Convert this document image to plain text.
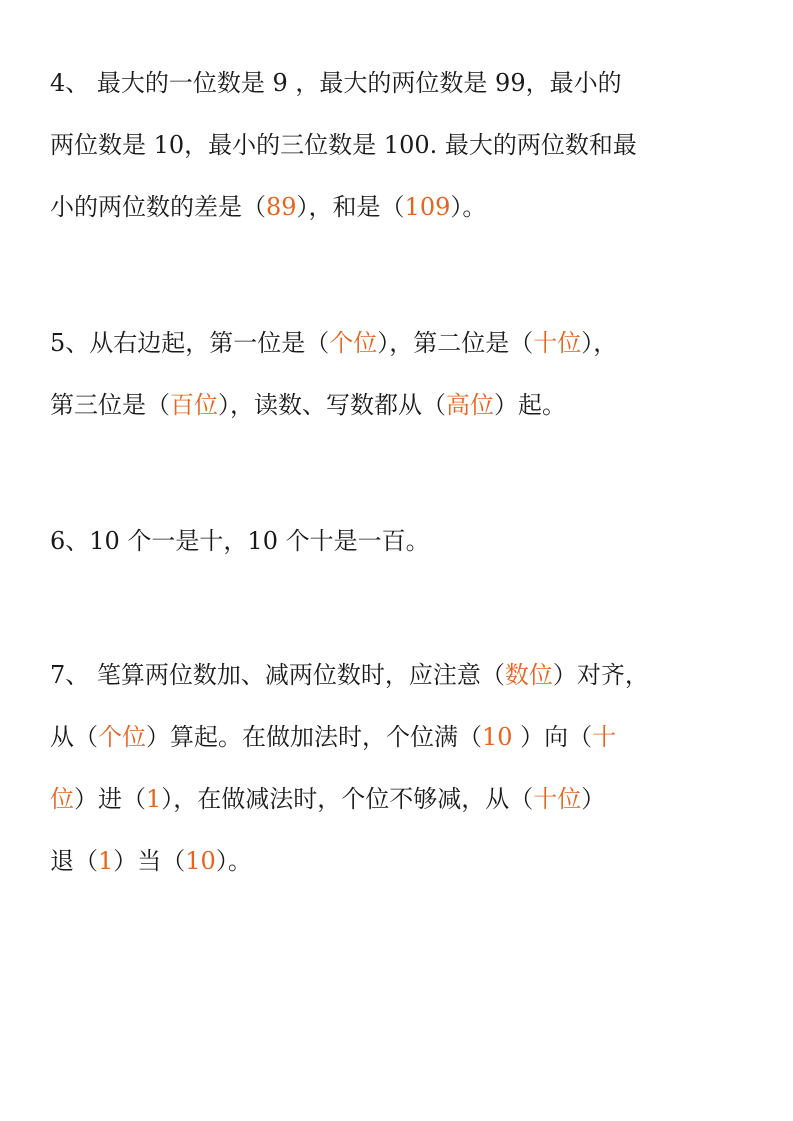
4、 最大的一位数是 9 ，最大的两位数是 99，最小的
两位数是 10，最小的三位数是 100. 最大的两位数和最
小的两位数的差是（89），和是（109）。
5、从右边起，第一位是（个位），第二位是（十位），
第三位是（百位），读数、写数都从（高位）起。
6、10 个一是十，10 个十是一百。
7、 笔算两位数加、减两位数时，应注意（数位）对齐，
从（个位）算起。在做加法时，个位满（10 ）向（十
位）进（1），在做减法时，个位不够减，从（十位）
退（1）当（10）。
